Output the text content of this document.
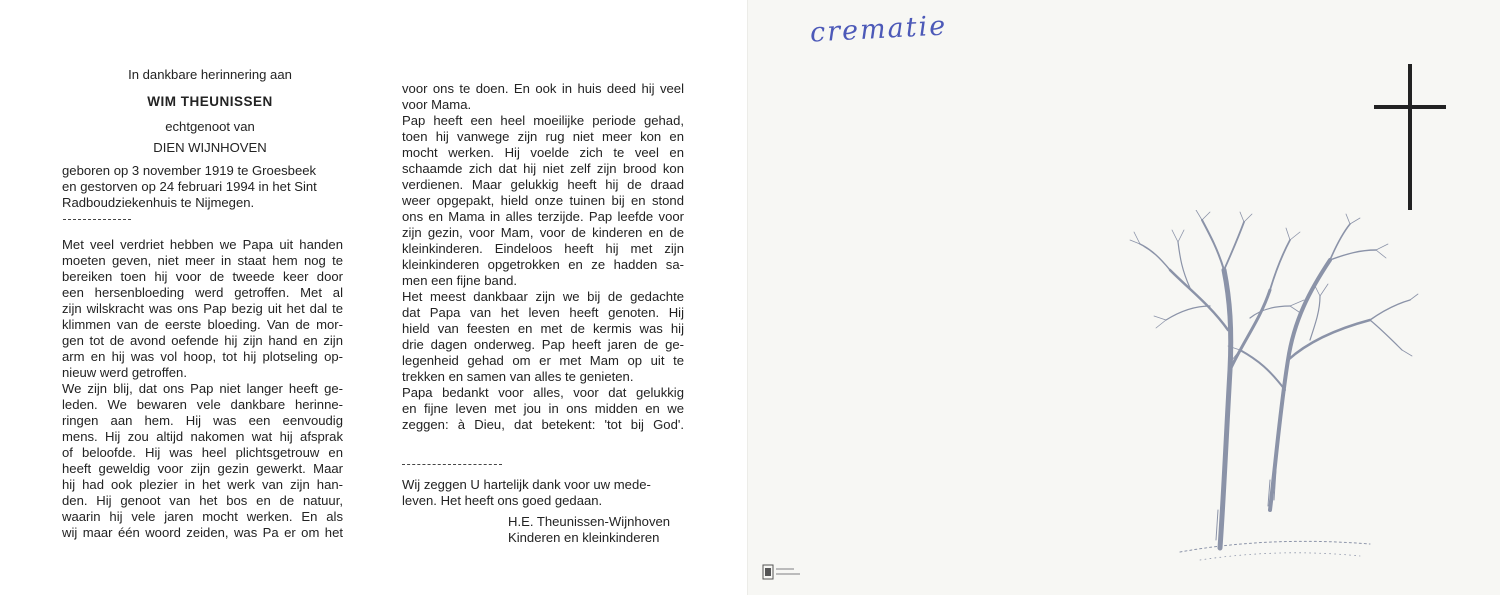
In dankbare herinnering aan
WIM THEUNISSEN
echtgenoot van
DIEN WIJNHOVEN
geboren op 3 november 1919 te Groesbeek
en gestorven op 24 februari 1994 in het Sint
Radboudziekenhuis te Nijmegen.
Met veel verdriet hebben we Papa uit handen
moeten geven, niet meer in staat hem nog te
bereiken toen hij voor de tweede keer door
een hersenbloeding werd getroffen. Met al
zijn wilskracht was ons Pap bezig uit het dal te
klimmen van de eerste bloeding. Van de mor-
gen tot de avond oefende hij zijn hand en zijn
arm en hij was vol hoop, tot hij plotseling op-
nieuw werd getroffen.
We zijn blij, dat ons Pap niet langer heeft ge-
leden. We bewaren vele dankbare herinne-
ringen aan hem. Hij was een eenvoudig
mens. Hij zou altijd nakomen wat hij afsprak
of beloofde. Hij was heel plichtsgetrouw en
heeft geweldig voor zijn gezin gewerkt. Maar
hij had ook plezier in het werk van zijn han-
den. Hij genoot van het bos en de natuur,
waarin hij vele jaren mocht werken. En als
wij maar één woord zeiden, was Pa er om het
voor ons te doen. En ook in huis deed hij veel
voor Mama.
Pap heeft een heel moeilijke periode gehad,
toen hij vanwege zijn rug niet meer kon en
mocht werken. Hij voelde zich te veel en
schaamde zich dat hij niet zelf zijn brood kon
verdienen. Maar gelukkig heeft hij de draad
weer opgepakt, hield onze tuinen bij en stond
ons en Mama in alles terzijde. Pap leefde voor
zijn gezin, voor Mam, voor de kinderen en de
kleinkinderen. Eindeloos heeft hij met zijn
kleinkinderen opgetrokken en ze hadden sa-
men een fijne band.
Het meest dankbaar zijn we bij de gedachte
dat Papa van het leven heeft genoten. Hij
hield van feesten en met de kermis was hij
drie dagen onderweg. Pap heeft jaren de ge-
legenheid gehad om er met Mam op uit te
trekken en samen van alles te genieten.
Papa bedankt voor alles, voor dat gelukkig
en fijne leven met jou in ons midden en we
zeggen: à Dieu, dat betekent: 'tot bij God'.
Wij zeggen U hartelijk dank voor uw mede-
leven. Het heeft ons goed gedaan.
H.E. Theunissen-Wijnhoven
Kinderen en kleinkinderen
crematie
